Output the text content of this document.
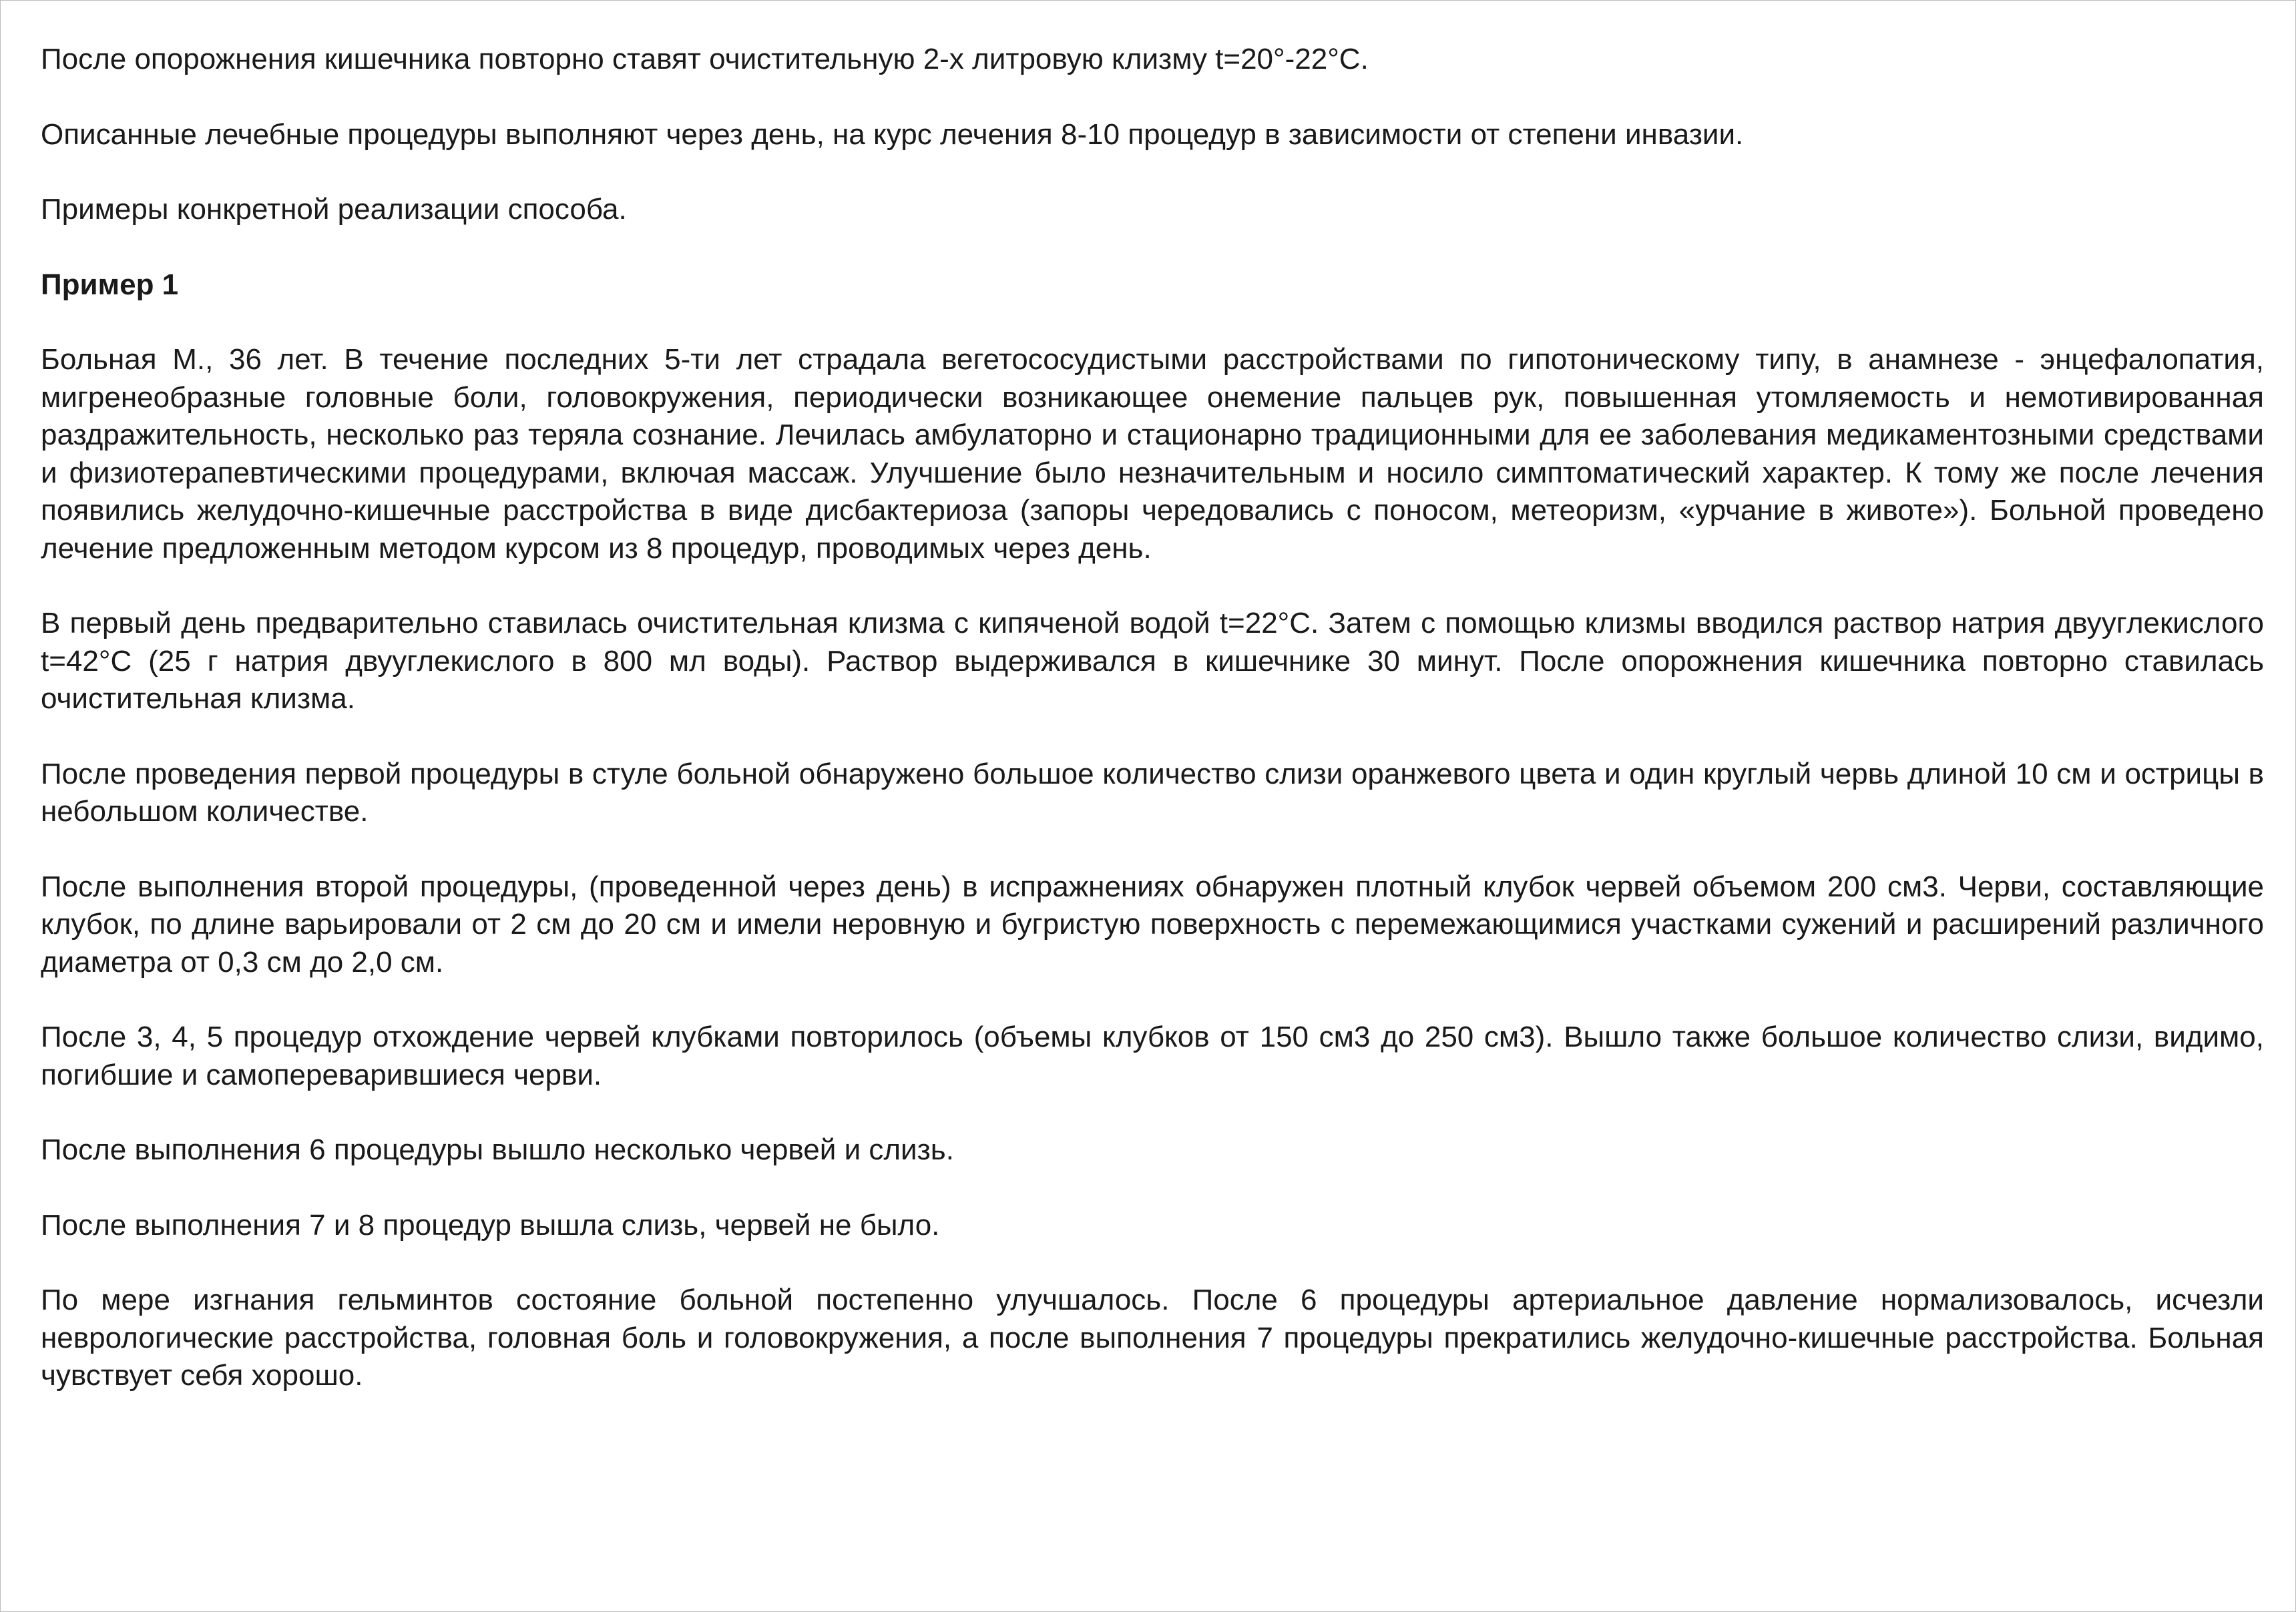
После опорожнения кишечника повторно ставят очистительную 2-х литровую клизму t=20°-22°С.

Описанные лечебные процедуры выполняют через день, на курс лечения 8-10 процедур в зависимости от степени инвазии.

Примеры конкретной реализации способа.

Пример 1

Больная М., 36 лет. В течение последних 5-ти лет страдала вегетососудистыми расстройствами по гипотоническому типу, в анамнезе - энцефалопатия, мигренеобразные головные боли, головокружения, периодически возникающее онемение пальцев рук, повышенная утомляемость и немотивированная раздражительность, несколько раз теряла сознание. Лечилась амбулаторно и стационарно традиционными для ее заболевания медикаментозными средствами и физиотерапевтическими процедурами, включая массаж. Улучшение было незначительным и носило симптоматический характер. К тому же после лечения появились желудочно-кишечные расстройства в виде дисбактериоза (запоры чередовались с поносом, метеоризм, «урчание в животе»). Больной проведено лечение предложенным методом курсом из 8 процедур, проводимых через день.

В первый день предварительно ставилась очистительная клизма с кипяченой водой t=22°С. Затем с помощью клизмы вводился раствор натрия двууглекислого t=42°С (25 г натрия двууглекислого в 800 мл воды). Раствор выдерживался в кишечнике 30 минут. После опорожнения кишечника повторно ставилась очистительная клизма.

После проведения первой процедуры в стуле больной обнаружено большое количество слизи оранжевого цвета и один круглый червь длиной 10 см и острицы в небольшом количестве.

После выполнения второй процедуры, (проведенной через день) в испражнениях обнаружен плотный клубок червей объемом 200 см3. Черви, составляющие клубок, по длине варьировали от 2 см до 20 см и имели неровную и бугристую поверхность с перемежающимися участками сужений и расширений различного диаметра от 0,3 см до 2,0 см.

После 3, 4, 5 процедур отхождение червей клубками повторилось (объемы клубков от 150 см3 до 250 см3). Вышло также большое количество слизи, видимо, погибшие и самопереварившиеся черви.

После выполнения 6 процедуры вышло несколько червей и слизь.

После выполнения 7 и 8 процедур вышла слизь, червей не было.

По мере изгнания гельминтов состояние больной постепенно улучшалось. После 6 процедуры артериальное давление нормализовалось, исчезли неврологические расстройства, головная боль и головокружения, а после выполнения 7 процедуры прекратились желудочно-кишечные расстройства. Больная чувствует себя хорошо.
